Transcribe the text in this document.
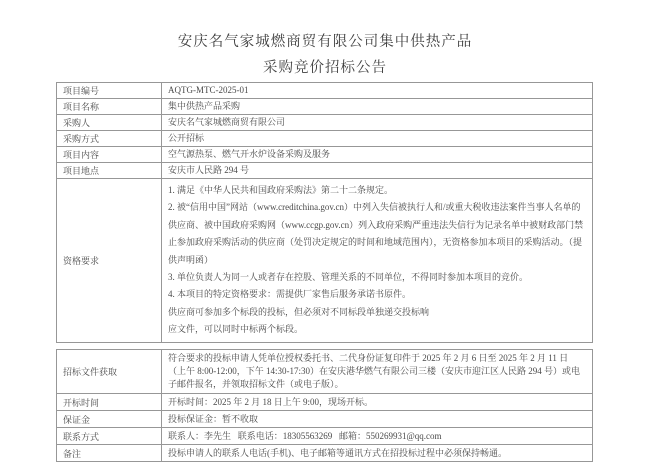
安庆名气家城燃商贸有限公司集中供热产品
采购竞价招标公告
项目编号	AQTG-MTC-2025-01

项目名称	集中供热产品采购

采购人	安庆名气家城燃商贸有限公司

采购方式	公开招标

项目内容	空气源热泵、燃气开水炉设备采购及服务

项目地点	安庆市人民路 294 号

资格要求	
1. 满足《中华人民共和国政府采购法》第二十二条规定。
2. 被“信用中国”网站（www.creditchina.gov.cn）中列入失信被执行人和/或重大税收违法案件当事人名单的供应商、被中国政府采购网（www.ccgp.gov.cn）列入政府采购严重违法失信行为记录名单中被财政部门禁止参加政府采购活动的供应商（处罚决定规定的时间和地域范围内），无资格参加本项目的采购活动。（提供声明函）
3. 单位负责人为同一人或者存在控股、管理关系的不同单位，不得同时参加本项目的竞价。
4. 本项目的特定资格要求：需提供厂家售后服务承诺书原件。
供应商可参加多个标段的投标，但必须对不同标段单独递交投标响
应文件，可以同时中标两个标段。
招标文件获取	符合要求的投标申请人凭单位授权委托书、二代身份证复印件于 2025 年 2 月 6 日至 2025 年 2 月 11 日（上午 8:00-12:00，下午 14:30-17:30）在安庆港华燃气有限公司三楼（安庆市迎江区人民路 294 号）或电子邮件报名，并领取招标文件（或电子版）。

开标时间	开标时间：2025 年 2 月 18 日上午 9:00，现场开标。

保证金	投标保证金：暂不收取

联系方式	联系人：李先生   联系电话：18305563269   邮箱：550269931@qq.com

备注	投标申请人的联系人电话(手机)、电子邮箱等通讯方式在招投标过程中必须保持畅通。
